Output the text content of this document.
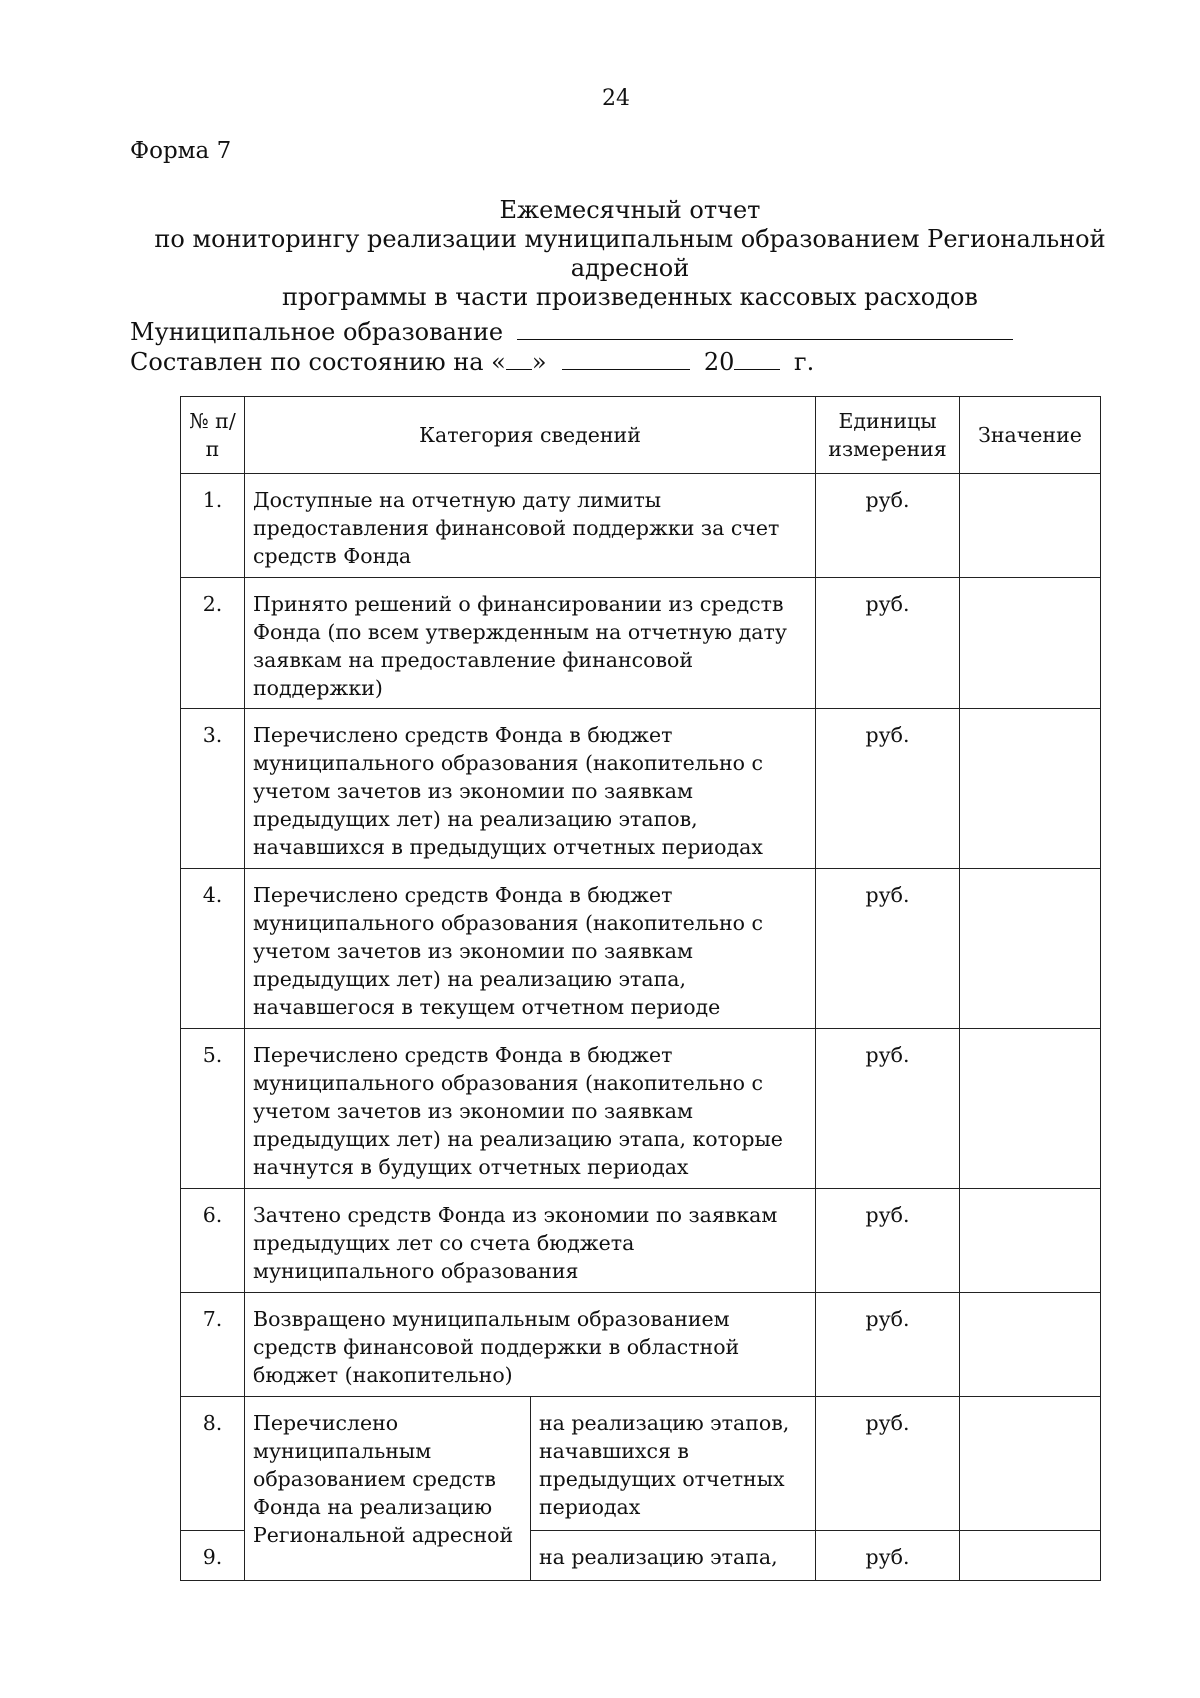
24
Форма 7
Ежемесячный отчет
по мониторингу реализации муниципальным образованием Региональной адресной
программы в части произведенных кассовых расходов
Муниципальное образование
Составлен по состоянию на « »	20 г.
№ п/п	Категория сведений		Единицы измерения	Значение
1.	Доступные на отчетную дату лимиты предоставления финансовой поддержки за счет средств Фонда		руб.	
2.	Принято решений о финансировании из средств Фонда (по всем утвержденным на отчетную дату заявкам на предоставление финансовой поддержки)		руб.	
3.	Перечислено средств Фонда в бюджет муниципального образования (накопительно с учетом зачетов из экономии по заявкам предыдущих лет) на реализацию этапов, начавшихся в предыдущих отчетных периодах		руб.	
4.	Перечислено средств Фонда в бюджет муниципального образования (накопительно с учетом зачетов из экономии по заявкам предыдущих лет) на реализацию этапа, начавшегося в текущем отчетном периоде		руб.	
5.	Перечислено средств Фонда в бюджет муниципального образования (накопительно с учетом зачетов из экономии по заявкам предыдущих лет) на реализацию этапа, которые начнутся в будущих отчетных периодах		руб.	
6.	Зачтено средств Фонда из экономии по заявкам предыдущих лет со счета бюджета муниципального образования		руб.	
7.	Возвращено муниципальным образованием средств финансовой поддержки в областной бюджет (накопительно)		руб.	
8.	Перечислено муниципальным образованием средств Фонда на реализацию Региональной адресной	на реализацию этапов, начавшихся в предыдущих отчетных периодах	руб.	
9.		на реализацию этапа,	руб.	
